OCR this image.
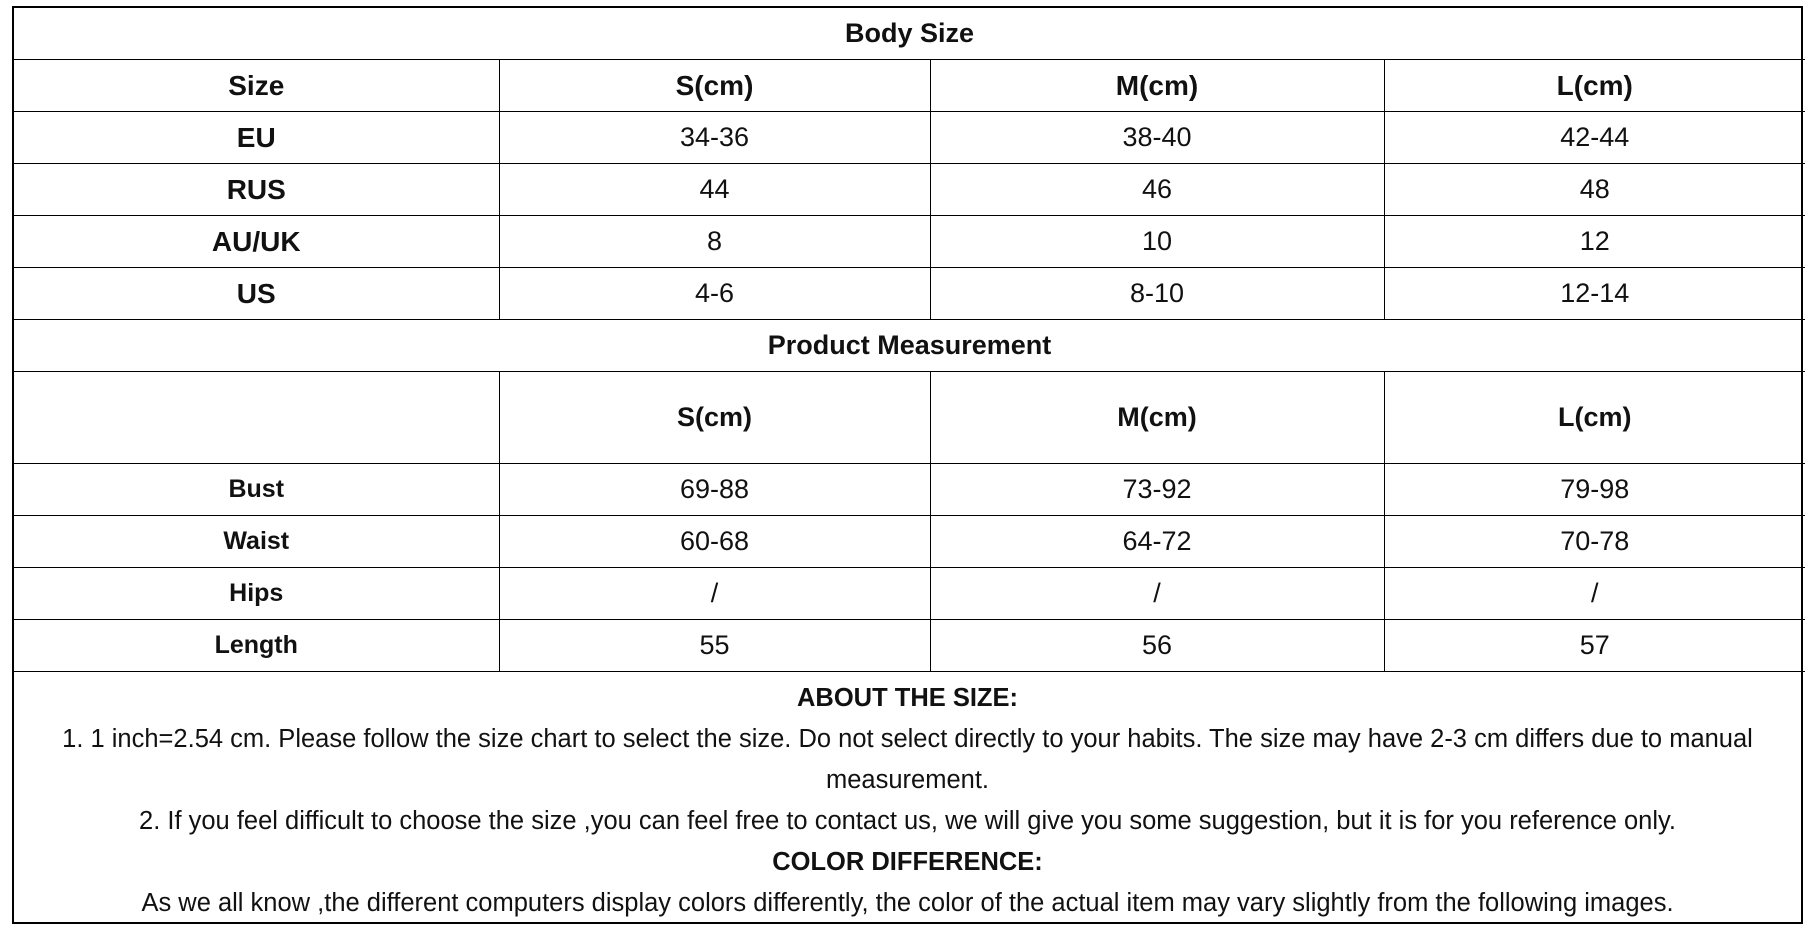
Body Size			
Size	S(cm)	M(cm)	L(cm)
EU	34-36	38-40	42-44
RUS	44	46	48
AU/UK	8	10	12
US	4-6	8-10	12-14
Product Measurement			
	S(cm)	M(cm)	L(cm)
Bust	69-88	73-92	79-98
Waist	60-68	64-72	70-78
Hips	/	/	/
Length	55	56	57

ABOUT THE SIZE:

1. 1 inch=2.54 cm. Please follow the size chart to select the size. Do not select directly to your habits. The size may have 2-3 cm differs due to manual measurement.

2. If you feel difficult to choose the size ,you can feel free to contact us, we will give you some suggestion, but it is for you reference only.

COLOR DIFFERENCE:

As we all know ,the different computers display colors differently, the color of the actual item may vary slightly from the following images.
